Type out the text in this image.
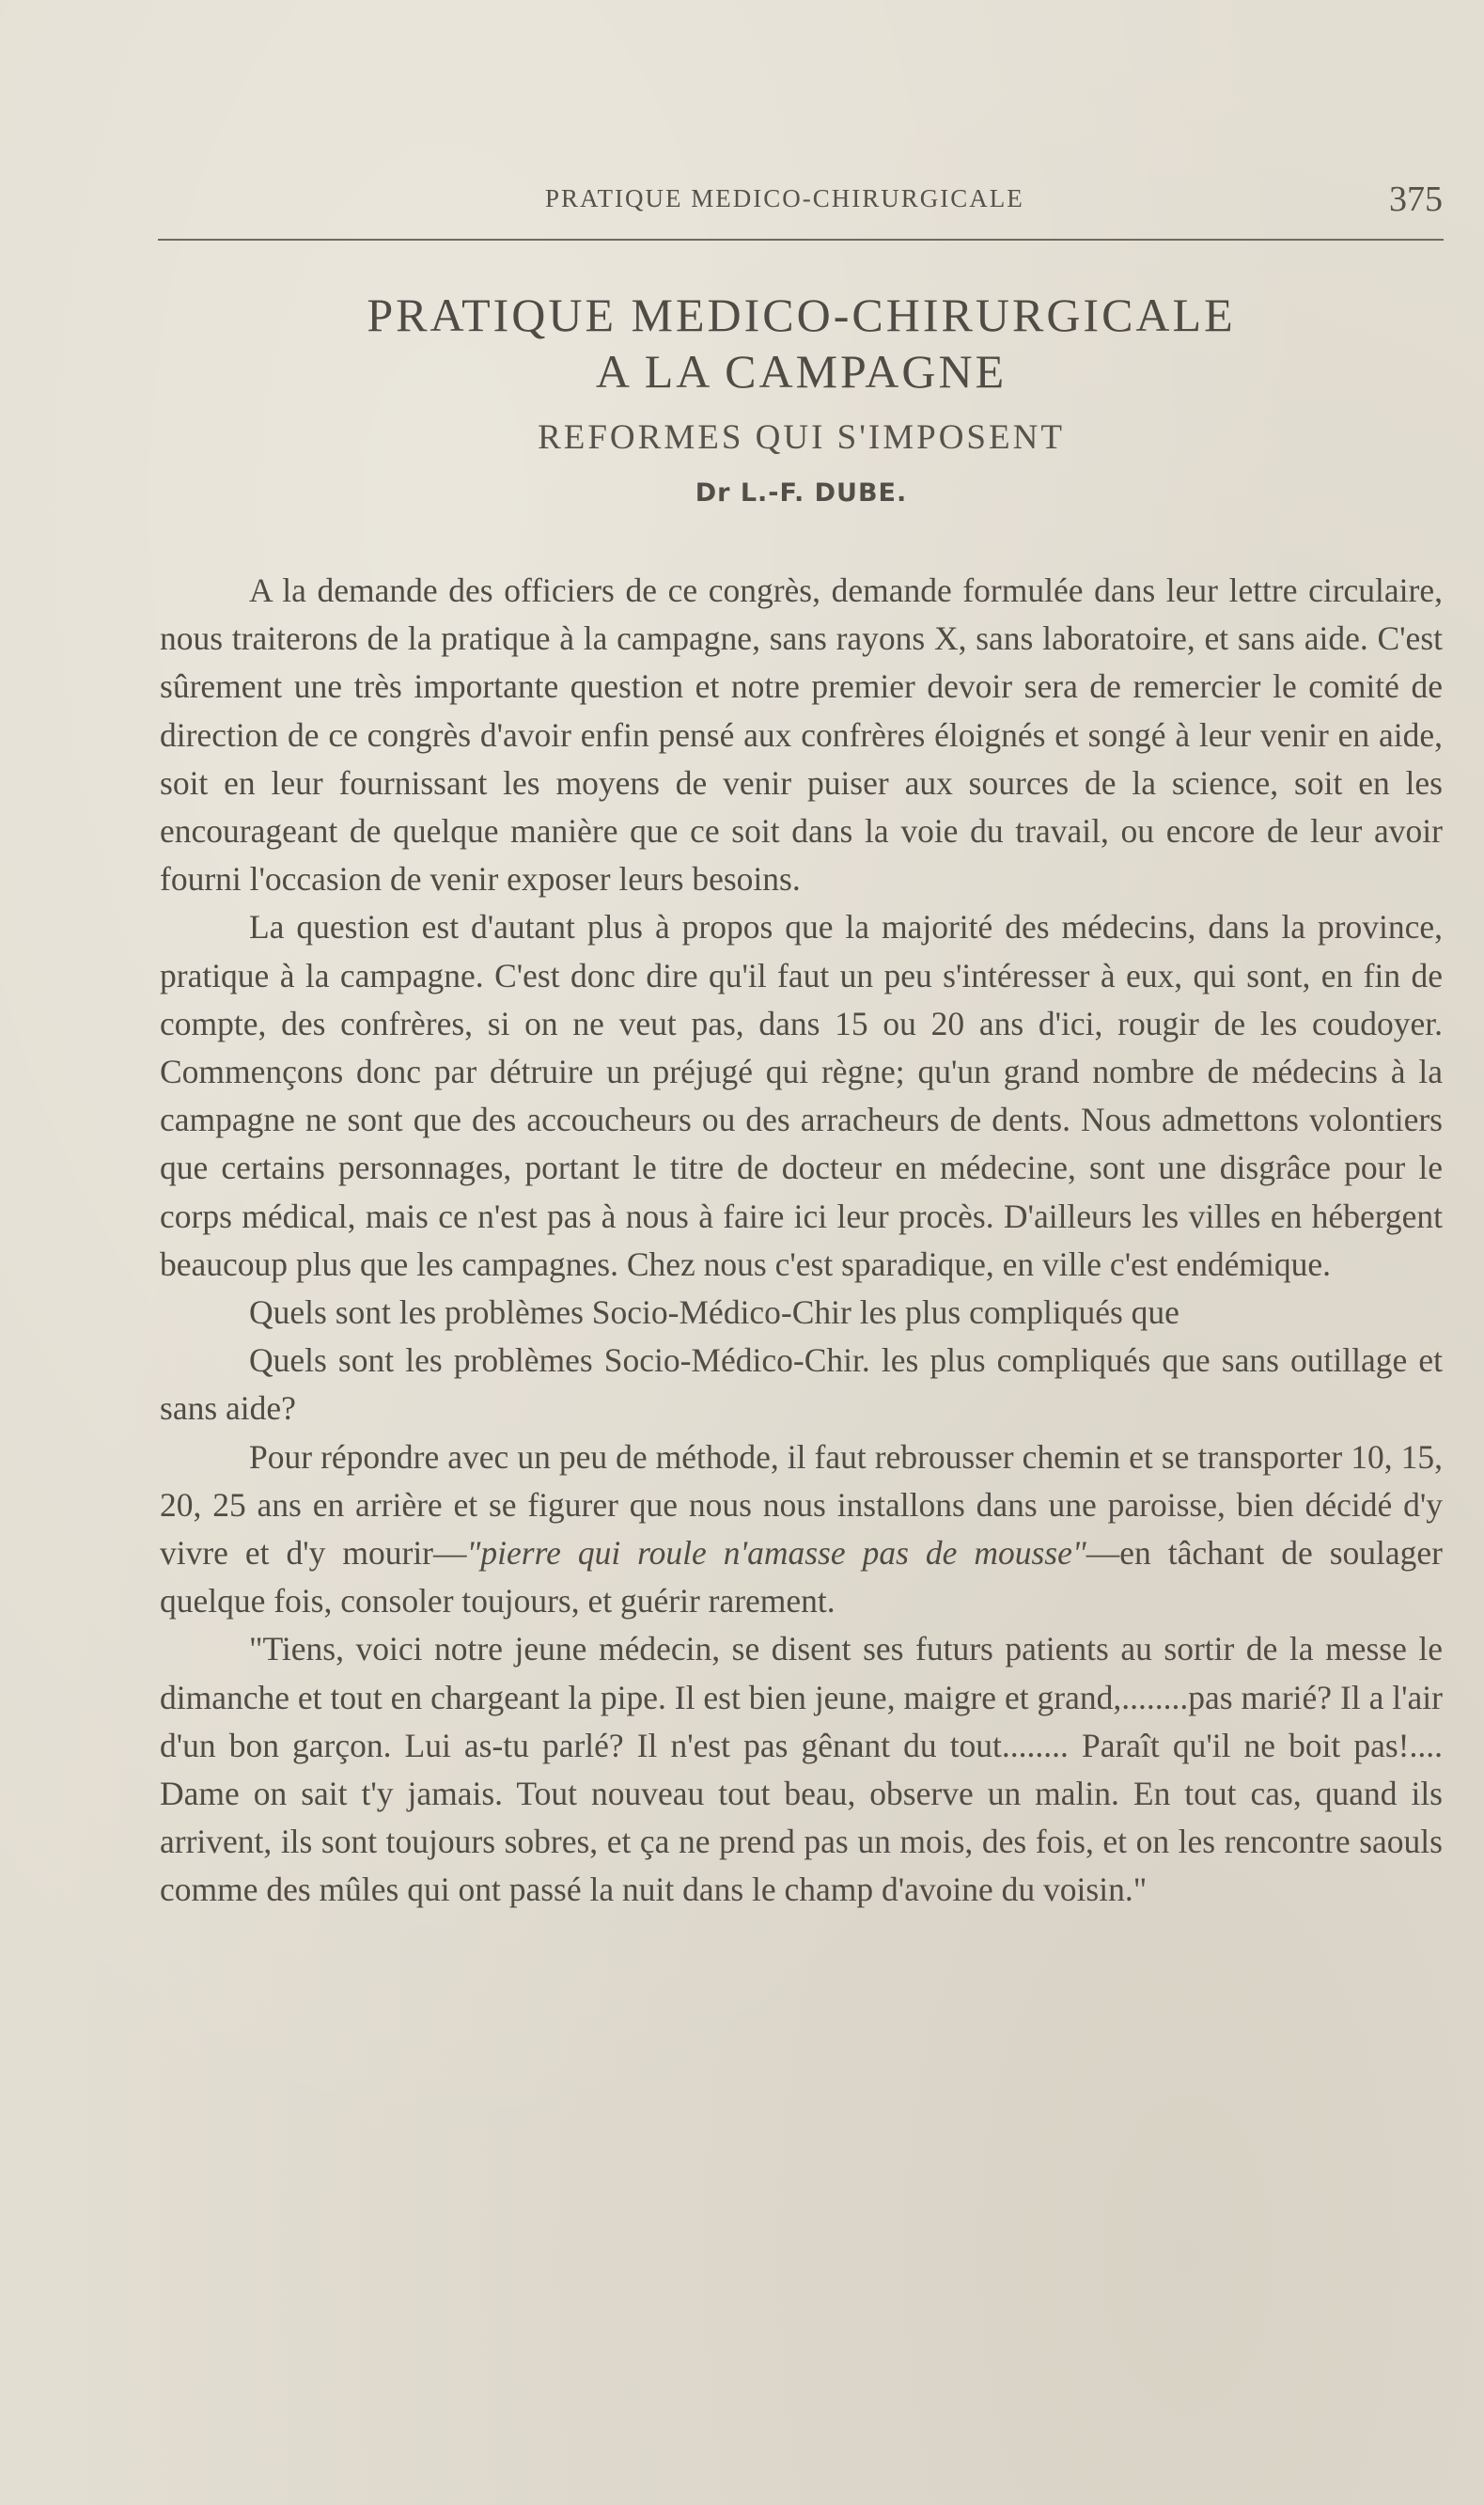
PRATIQUE MEDICO-CHIRURGICALE	375
PRATIQUE MEDICO-CHIRURGICALE
A LA CAMPAGNE
REFORMES QUI S'IMPOSENT
Dr L.-F. DUBE.

A la demande des officiers de ce congrès, demande formulée dans leur lettre circulaire, nous traiterons de la pratique à la campagne, sans rayons X, sans laboratoire, et sans aide. C'est sûrement une très importante question et notre premier devoir sera de remercier le comité de direction de ce congrès d'avoir enfin pensé aux confrères éloignés et songé à leur venir en aide, soit en leur fournissant les moyens de venir puiser aux sources de la science, soit en les encourageant de quelque manière que ce soit dans la voie du travail, ou encore de leur avoir fourni l'occasion de venir exposer leurs besoins.

La question est d'autant plus à propos que la majorité des médecins, dans la province, pratique à la campagne. C'est donc dire qu'il faut un peu s'intéresser à eux, qui sont, en fin de compte, des confrères, si on ne veut pas, dans 15 ou 20 ans d'ici, rougir de les coudoyer. Commençons donc par détruire un préjugé qui règne; qu'un grand nombre de médecins à la campagne ne sont que des accoucheurs ou des arracheurs de dents. Nous admettons volontiers que certains personnages, portant le titre de docteur en médecine, sont une disgrâce pour le corps médical, mais ce n'est pas à nous à faire ici leur procès. D'ailleurs les villes en hébergent beaucoup plus que les campagnes. Chez nous c'est sparadique, en ville c'est endémique.

Quels sont les problèmes Socio-Médico-Chir les plus compliqués que

Quels sont les problèmes Socio-Médico-Chir. les plus compliqués que sans outillage et sans aide?

Pour répondre avec un peu de méthode, il faut rebrousser chemin et se transporter 10, 15, 20, 25 ans en arrière et se figurer que nous nous installons dans une paroisse, bien décidé d'y vivre et d'y mourir—"pierre qui roule n'amasse pas de mousse"—en tâchant de soulager quelque fois, consoler toujours, et guérir rarement.

"Tiens, voici notre jeune médecin, se disent ses futurs patients au sortir de la messe le dimanche et tout en chargeant la pipe. Il est bien jeune, maigre et grand,........pas marié? Il a l'air d'un bon garçon. Lui as-tu parlé? Il n'est pas gênant du tout........ Paraît qu'il ne boit pas!.... Dame on sait t'y jamais. Tout nouveau tout beau, observe un malin. En tout cas, quand ils arrivent, ils sont toujours sobres, et ça ne prend pas un mois, des fois, et on les rencontre saouls comme des mûles qui ont passé la nuit dans le champ d'avoine du voisin."
